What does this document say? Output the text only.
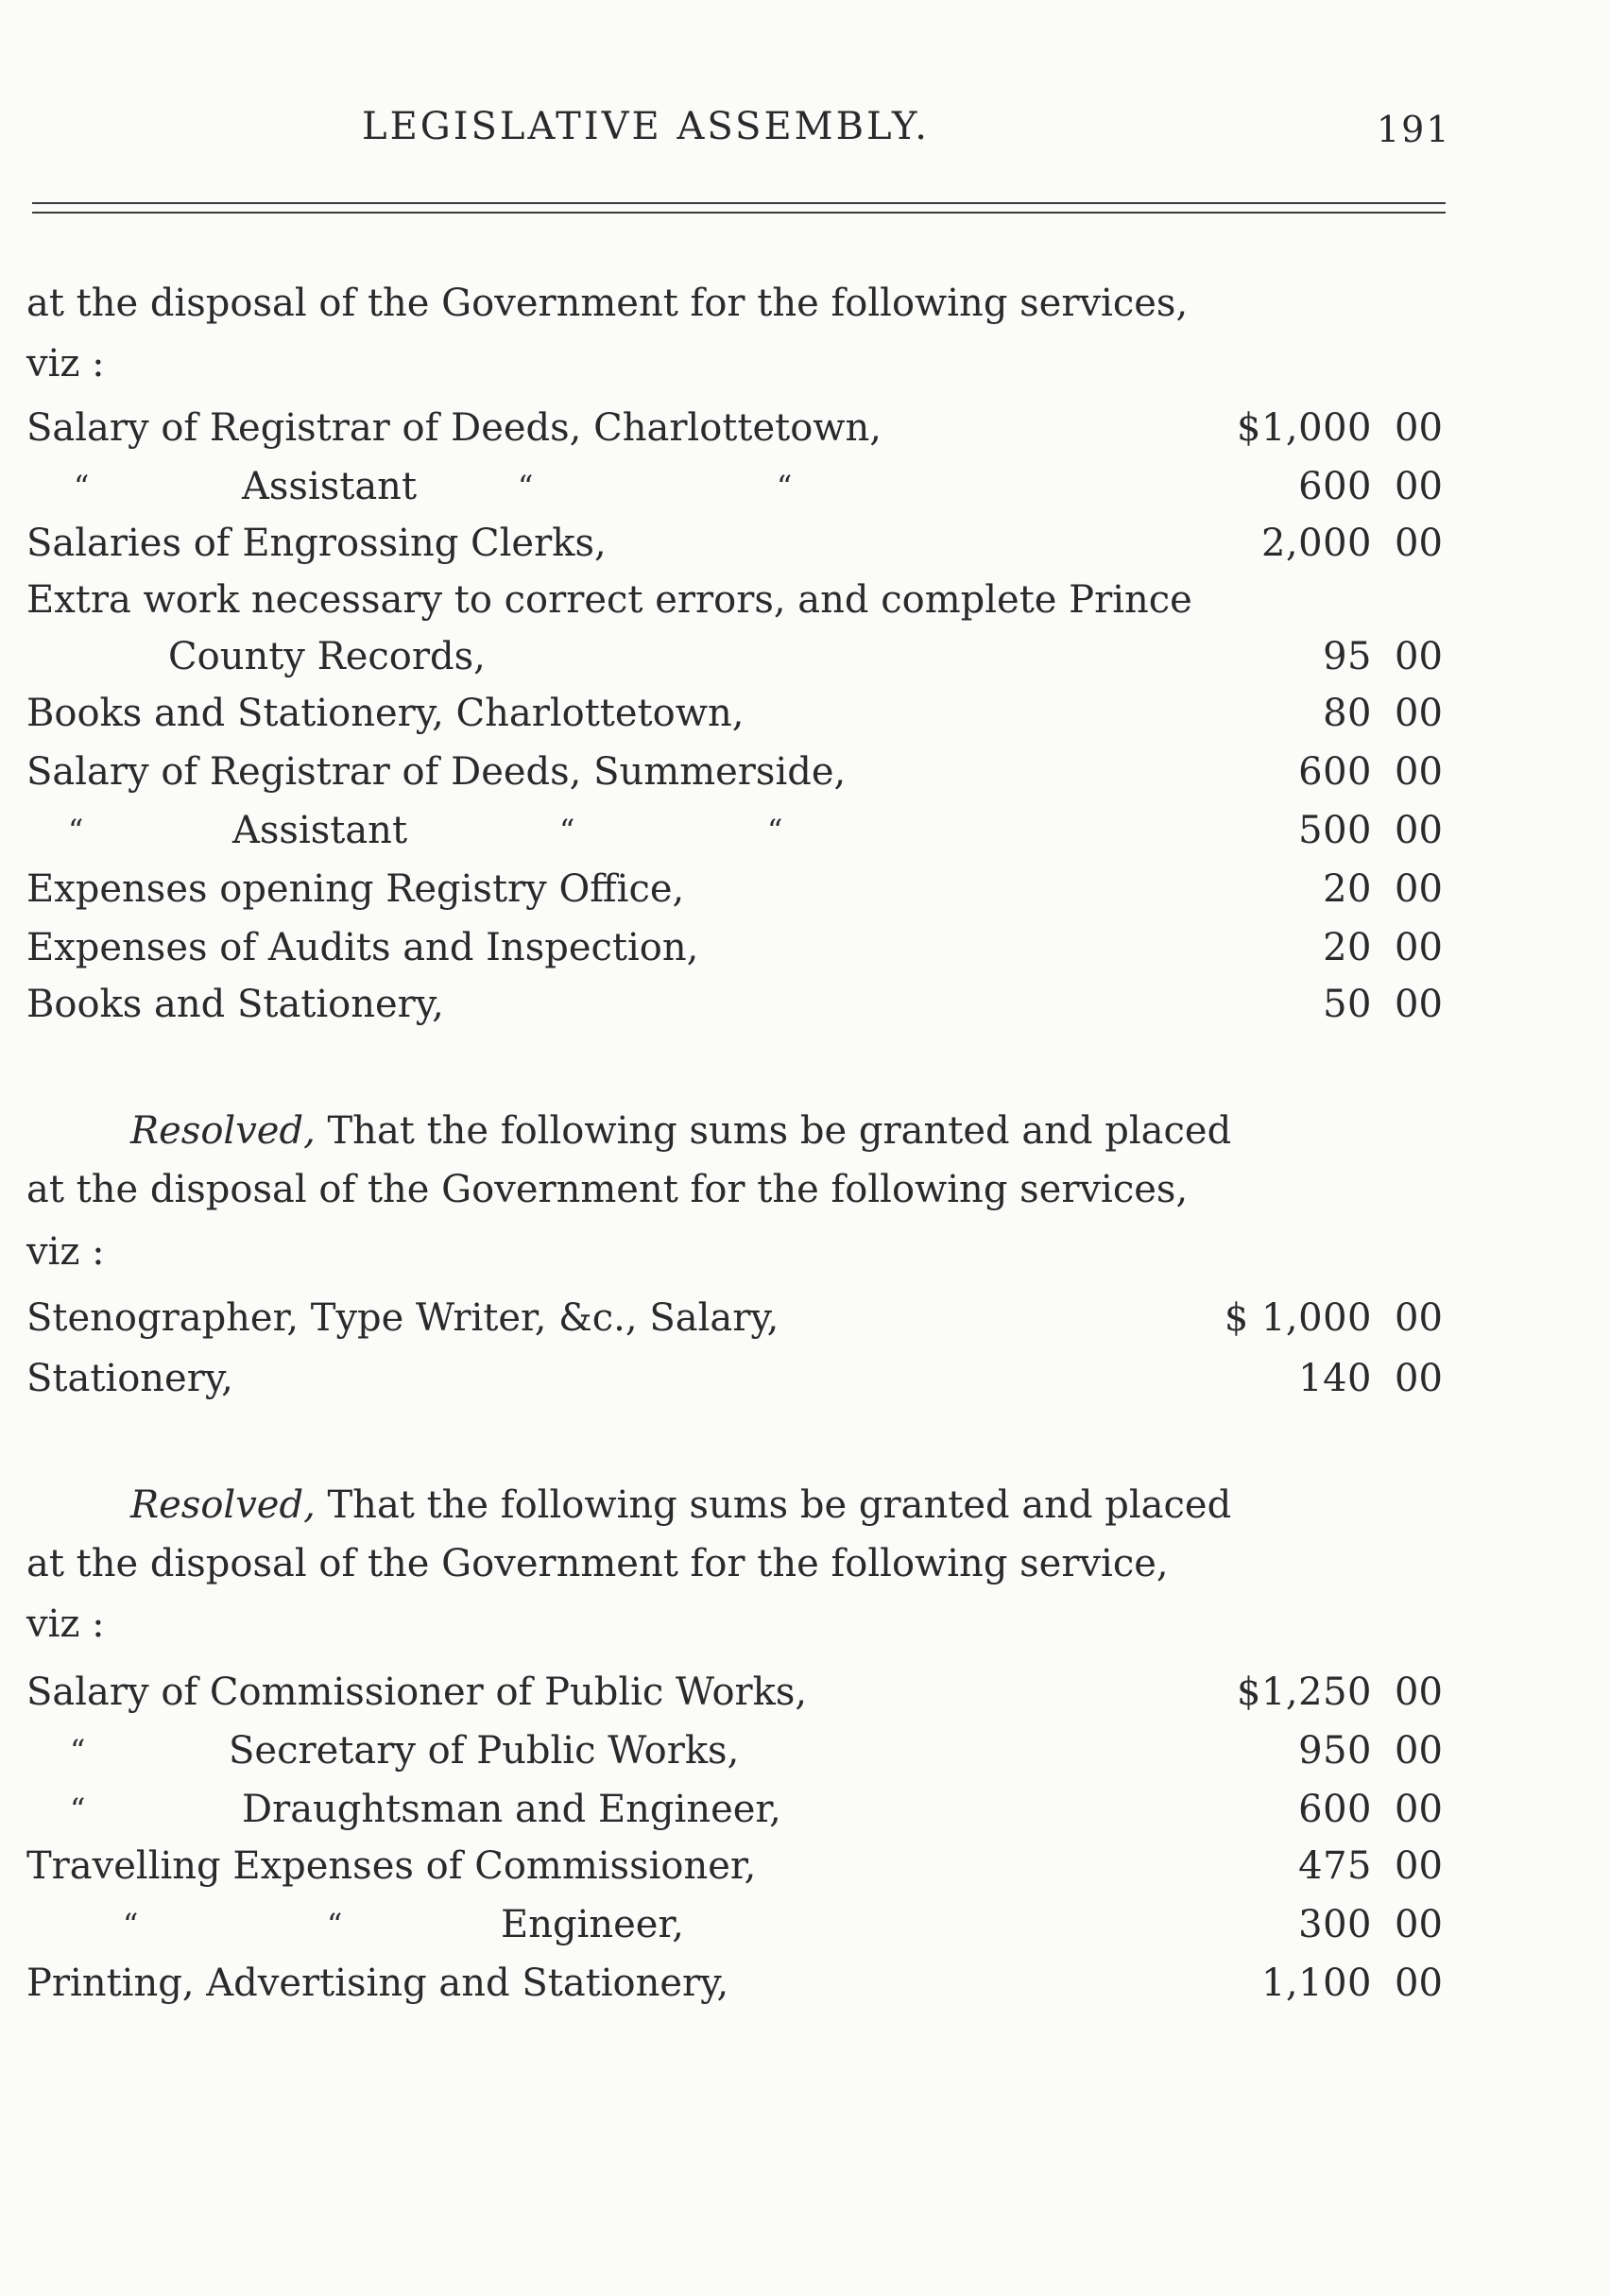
LEGISLATIVE ASSEMBLY.	191
at the disposal of the Government for the following services,
viz :
Salary of Registrar of Deeds, Charlottetown,	$1,000 00
“	Assistant	“	“	600 00
Salaries of Engrossing Clerks,	2,000 00
Extra work necessary to correct errors, and complete Prince
County Records,	95 00
Books and Stationery, Charlottetown,	80 00
Salary of Registrar of Deeds, Summerside,	600 00
“	Assistant	“	“	500 00
Expenses opening Registry Office,	20 00
Expenses of Audits and Inspection,	20 00
Books and Stationery,	50 00
Resolved, That the following sums be granted and placed
at the disposal of the Government for the following services,
viz :
Stenographer, Type Writer, &c., Salary,	$ 1,000 00
Stationery,	140 00
Resolved, That the following sums be granted and placed
at the disposal of the Government for the following service,
viz :
Salary of Commissioner of Public Works,	$1,250 00
“	Secretary of Public Works,	950 00
“	Draughtsman and Engineer,	600 00
Travelling Expenses of Commissioner,	475 00
“	“	Engineer,	300 00
Printing, Advertising and Stationery,	1,100 00
